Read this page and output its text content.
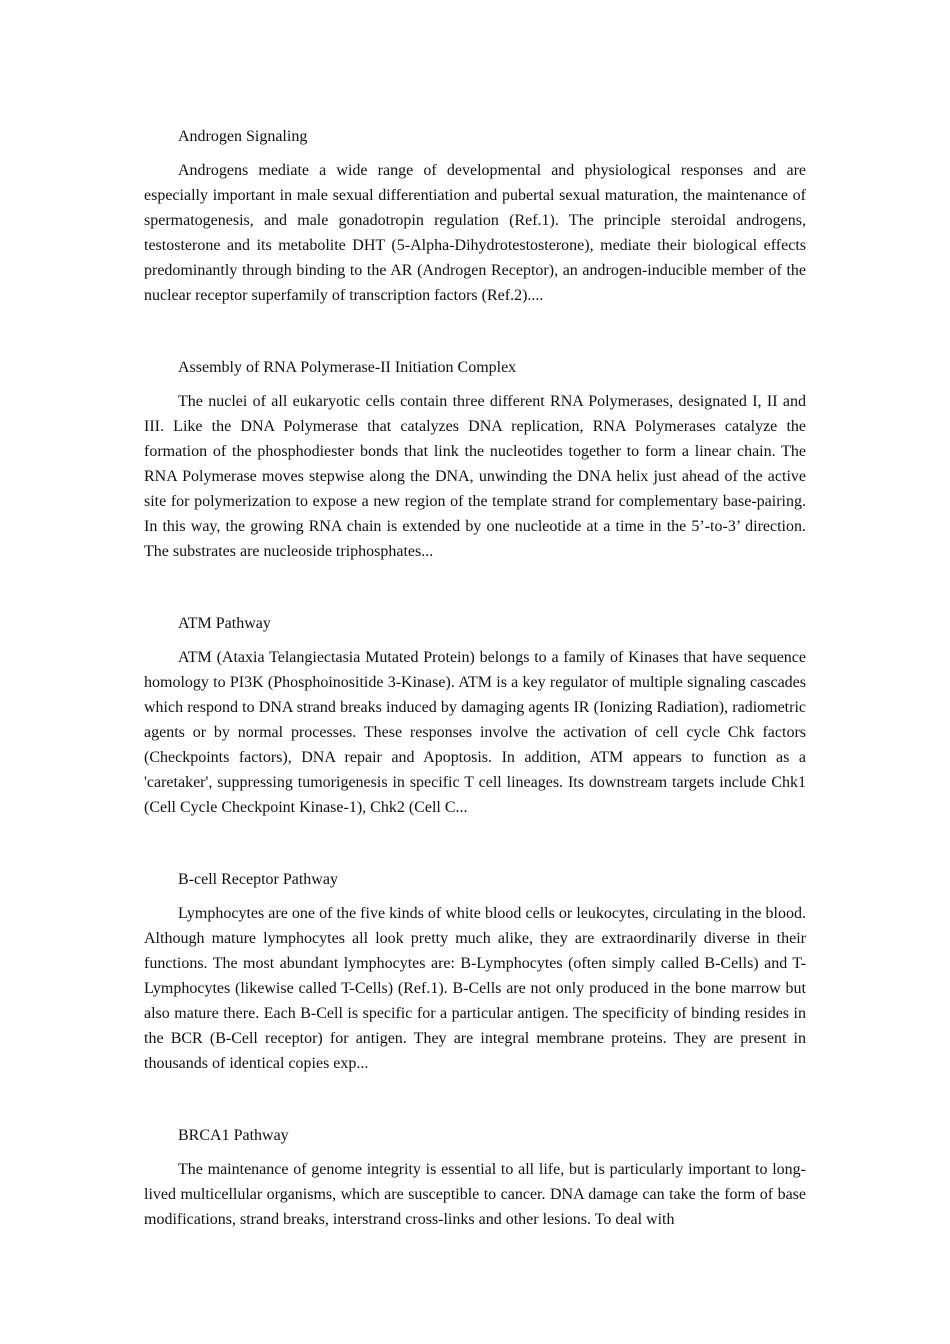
Androgen Signaling

Androgens mediate a wide range of developmental and physiological responses and are especially important in male sexual differentiation and pubertal sexual maturation, the maintenance of spermatogenesis, and male gonadotropin regulation (Ref.1). The principle steroidal androgens, testosterone and its metabolite DHT (5-Alpha-Dihydrotestosterone), mediate their biological effects predominantly through binding to the AR (Androgen Receptor), an androgen-inducible member of the nuclear receptor superfamily of transcription factors (Ref.2)....

Assembly of RNA Polymerase-II Initiation Complex

The nuclei of all eukaryotic cells contain three different RNA Polymerases, designated I, II and III. Like the DNA Polymerase that catalyzes DNA replication, RNA Polymerases catalyze the formation of the phosphodiester bonds that link the nucleotides together to form a linear chain. The RNA Polymerase moves stepwise along the DNA, unwinding the DNA helix just ahead of the active site for polymerization to expose a new region of the template strand for complementary base-pairing. In this way, the growing RNA chain is extended by one nucleotide at a time in the 5’-to-3’ direction. The substrates are nucleoside triphosphates...

ATM Pathway

ATM (Ataxia Telangiectasia Mutated Protein) belongs to a family of Kinases that have sequence homology to PI3K (Phosphoinositide 3-Kinase). ATM is a key regulator of multiple signaling cascades which respond to DNA strand breaks induced by damaging agents IR (Ionizing Radiation), radiometric agents or by normal processes. These responses involve the activation of cell cycle Chk factors (Checkpoints factors), DNA repair and Apoptosis. In addition, ATM appears to function as a 'caretaker', suppressing tumorigenesis in specific T cell lineages. Its downstream targets include Chk1 (Cell Cycle Checkpoint Kinase-1), Chk2 (Cell C...

B-cell Receptor Pathway

Lymphocytes are one of the five kinds of white blood cells or leukocytes, circulating in the blood. Although mature lymphocytes all look pretty much alike, they are extraordinarily diverse in their functions. The most abundant lymphocytes are: B-Lymphocytes (often simply called B-Cells) and T-Lymphocytes (likewise called T-Cells) (Ref.1). B-Cells are not only produced in the bone marrow but also mature there. Each B-Cell is specific for a particular antigen. The specificity of binding resides in the BCR (B-Cell receptor) for antigen. They are integral membrane proteins. They are present in thousands of identical copies exp...

BRCA1 Pathway

The maintenance of genome integrity is essential to all life, but is particularly important to long-lived multicellular organisms, which are susceptible to cancer. DNA damage can take the form of base modifications, strand breaks, interstrand cross-links and other lesions. To deal with
